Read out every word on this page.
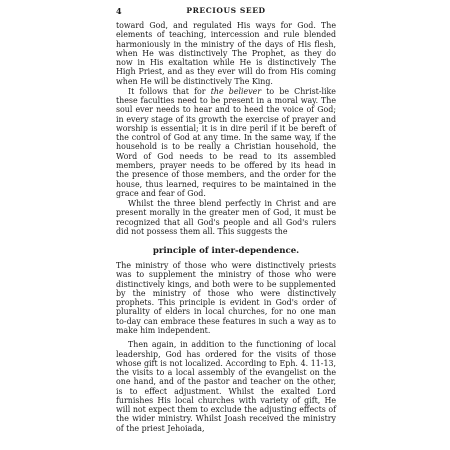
4	PRECIOUS SEED

toward God, and regulated His ways for God. The elements of teaching, intercession and rule blended harmoniously in the ministry of the days of His flesh, when He was distinctively The Prophet, as they do now in His exaltation while He is distinctively The High Priest, and as they ever will do from His coming when He will be distinctively The King.

It follows that for the believer to be Christ-like these faculties need to be present in a moral way. The soul ever needs to hear and to heed the voice of God; in every stage of its growth the exercise of prayer and worship is essential; it is in dire peril if it be bereft of the control of God at any time. In the same way, if the household is to be really a Christian household, the Word of God needs to be read to its assembled members, prayer needs to be offered by its head in the presence of those members, and the order for the house, thus learned, requires to be maintained in the grace and fear of God.

Whilst the three blend perfectly in Christ and are present morally in the greater men of God, it must be recognized that all God's people and all God's rulers did not possess them all. This suggests the

principle of inter-dependence.

The ministry of those who were distinctively priests was to supplement the ministry of those who were distinctively kings, and both were to be supplemented by the ministry of those who were distinctively prophets. This principle is evident in God's order of plurality of elders in local churches, for no one man to-day can embrace these features in such a way as to make him independent.

Then again, in addition to the functioning of local leadership, God has ordered for the visits of those whose gift is not localized. According to Eph. 4. 11-13, the visits to a local assembly of the evangelist on the one hand, and of the pastor and teacher on the other, is to effect adjustment. Whilst the exalted Lord furnishes His local churches with variety of gift, He will not expect them to exclude the adjusting effects of the wider ministry. Whilst Joash received the ministry of the priest Jehoiada,
